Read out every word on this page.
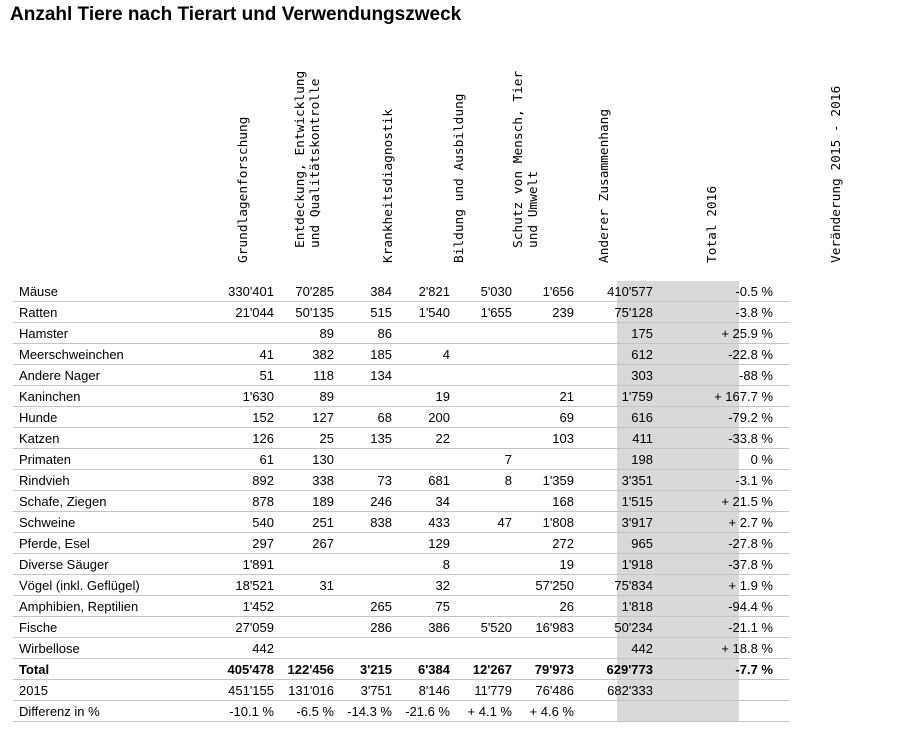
Anzahl Tiere nach Tierart und Verwendungszweck
Grundlagenforschung	Entdeckung, Entwicklung
und Qualitätskontrolle	Krankheitsdiagnostik	Bildung und Ausbildung	Schutz von Mensch, Tier
und Umwelt	Anderer Zusammenhang	Total 2016	Veränderung 2015 - 2016
Mäuse	330'401	70'285	384	2'821	5'030	1'656	410'577	-0.5 %
Ratten	21'044	50'135	515	1'540	1'655	239	75'128	-3.8 %
Hamster		89	86				175	+ 25.9 %
Meerschweinchen	41	382	185	4			612	-22.8 %
Andere Nager	51	118	134				303	-88 %
Kaninchen	1'630	89		19		21	1'759	+ 167.7 %
Hunde	152	127	68	200		69	616	-79.2 %
Katzen	126	25	135	22		103	411	-33.8 %
Primaten	61	130			7		198	0 %
Rindvieh	892	338	73	681	8	1'359	3'351	-3.1 %
Schafe, Ziegen	878	189	246	34		168	1'515	+ 21.5 %
Schweine	540	251	838	433	47	1'808	3'917	+ 2.7 %
Pferde, Esel	297	267		129		272	965	-27.8 %
Diverse Säuger	1'891			8		19	1'918	-37.8 %
Vögel (inkl. Geflügel)	18'521	31		32		57'250	75'834	+ 1.9 %
Amphibien, Reptilien	1'452		265	75		26	1'818	-94.4 %
Fische	27'059		286	386	5'520	16'983	50'234	-21.1 %
Wirbellose	442						442	+ 18.8 %
Total	405'478	122'456	3'215	6'384	12'267	79'973	629'773	-7.7 %
2015	451'155	131'016	3'751	8'146	11'779	76'486	682'333	
Differenz in %	-10.1 %	-6.5 %	-14.3 %	-21.6 %	+ 4.1 %	+ 4.6 %		
